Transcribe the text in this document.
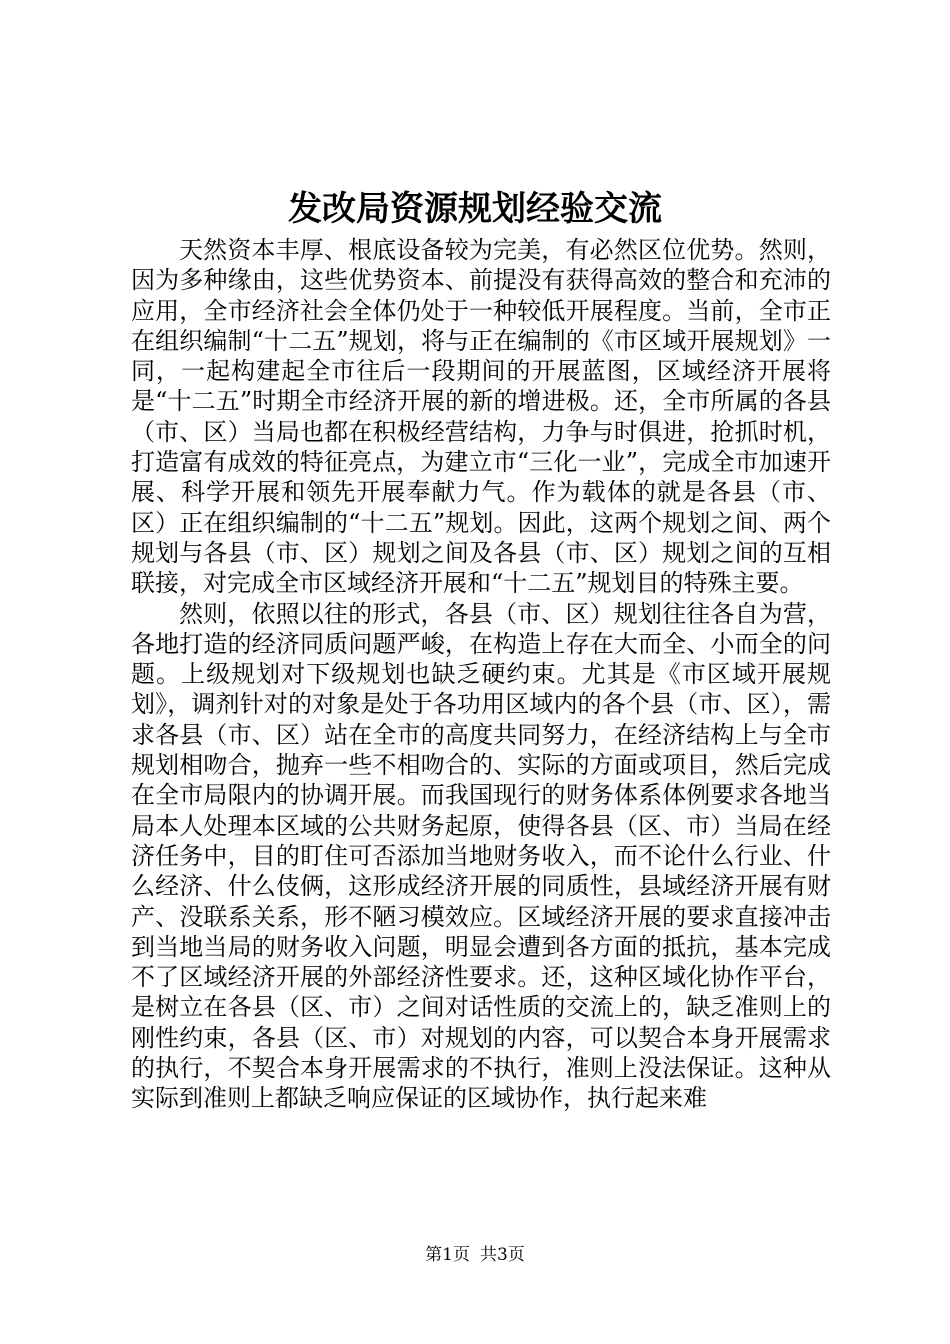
发改局资源规划经验交流

天然资本丰厚、根底设备较为完美，有必然区位优势。然则，因为多种缘由，这些优势资本、前提没有获得高效的整合和充沛的应用，全市经济社会全体仍处于一种较低开展程度。当前，全市正在组织编制“十二五”规划，将与正在编制的《市区域开展规划》一同，一起构建起全市往后一段期间的开展蓝图，区域经济开展将是“十二五”时期全市经济开展的新的增进极。还，全市所属的各县（市、区）当局也都在积极经营结构，力争与时俱进，抢抓时机，打造富有成效的特征亮点，为建立市“三化一业”，完成全市加速开展、科学开展和领先开展奉献力气。作为载体的就是各县（市、区）正在组织编制的“十二五”规划。因此，这两个规划之间、两个规划与各县（市、区）规划之间及各县（市、区）规划之间的互相联接，对完成全市区域经济开展和“十二五”规划目的特殊主要。

然则，依照以往的形式，各县（市、区）规划往往各自为营，各地打造的经济同质问题严峻，在构造上存在大而全、小而全的问题。上级规划对下级规划也缺乏硬约束。尤其是《市区域开展规划》，调剂针对的对象是处于各功用区域内的各个县（市、区），需求各县（市、区）站在全市的高度共同努力，在经济结构上与全市规划相吻合，抛弃一些不相吻合的、实际的方面或项目，然后完成在全市局限内的协调开展。而我国现行的财务体系体例要求各地当局本人处理本区域的公共财务起原，使得各县（区、市）当局在经济任务中，目的盯住可否添加当地财务收入，而不论什么行业、什么经济、什么伎俩，这形成经济开展的同质性，县域经济开展有财产、没联系关系，形不陋习模效应。区域经济开展的要求直接冲击到当地当局的财务收入问题，明显会遭到各方面的抵抗，基本完成不了区域经济开展的外部经济性要求。还，这种区域化协作平台，是树立在各县（区、市）之间对话性质的交流上的，缺乏准则上的刚性约束，各县（区、市）对规划的内容，可以契合本身开展需求的执行，不契合本身开展需求的不执行，准则上没法保证。这种从实际到准则上都缺乏响应保证的区域协作，执行起来难

第1页 共3页
